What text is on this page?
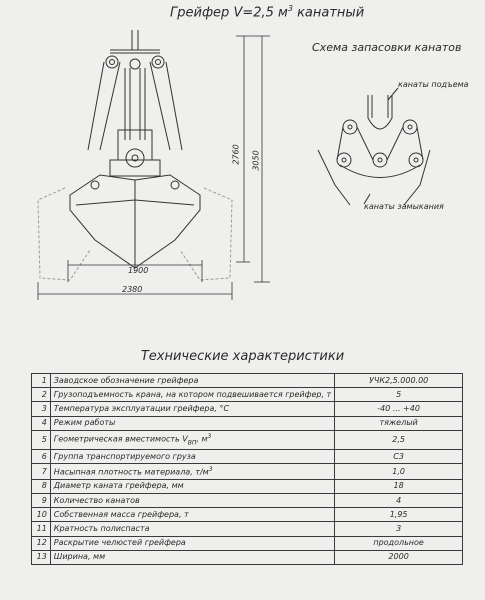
Грейфер V=2,5 $м^3$ канатный
1900
2380
2760 3050
Схема запасовки канатов
канаты подъема
канаты замыкания
Технические характеристики
1	Заводское обозначение грейфера	УЧК2,5.000.00
2	Грузоподъемность крана, на котором подвешивается грейфер, т	5
3	Температура эксплуатации грейфера, °С	-40 ... +40
4	Режим работы	тяжелый
5	Геометрическая вместимость $V_{ВП}$, $м^3$	2,5
6	Группа транспортируемого груза	С3
7	Насыпная плотность материала, $т/м^3$	1,0
8	Диаметр каната грейфера, мм	18
9	Количество канатов	4
10	Собственная масса грейфера, т	1,95
11	Кратность полиспаста	3
12	Раскрытие челюстей грейфера	продольное
13	Ширина, мм	2000
